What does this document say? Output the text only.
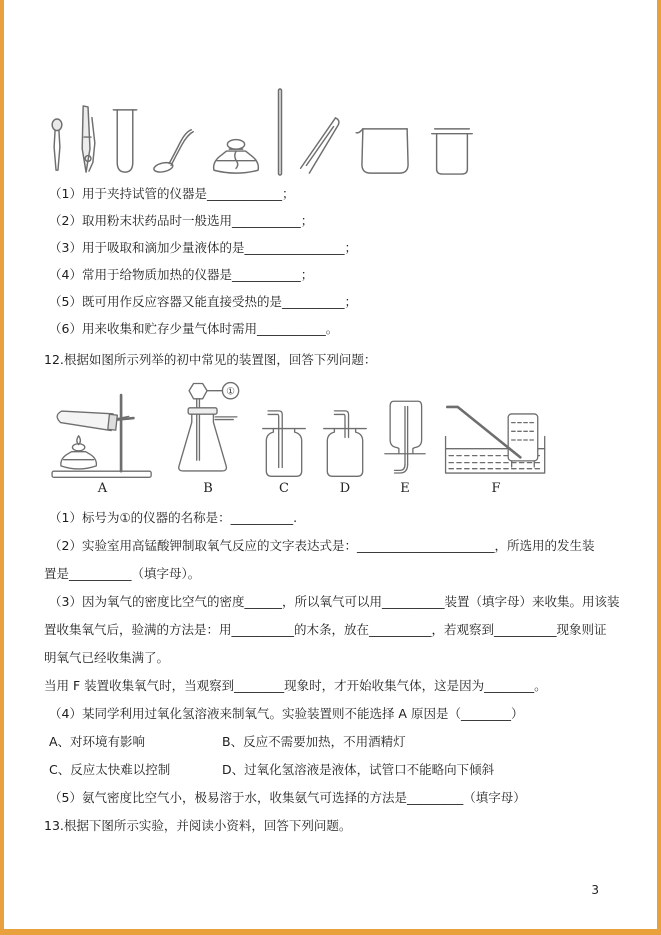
（1）用于夹持试管的仪器是____________；

（2）取用粉末状药品时一般选用___________；

（3）用于吸取和滴加少量液体的是________________；

（4）常用于给物质加热的仪器是___________；

（5）既可用作反应容器又能直接受热的是__________；

（6）用来收集和贮存少量气体时需用___________。

12.根据如图所示列举的初中常见的装置图，回答下列问题：

A
①
B	C	D	E	F

（1）标号为①的仪器的名称是：__________.

（2）实验室用高锰酸钾制取氧气反应的文字表达式是：______________________，所选用的发生装

置是__________（填字母）。

（3）因为氧气的密度比空气的密度______，所以氧气可以用__________装置（填字母）来收集。用该装

置收集氧气后，验满的方法是：用__________的木条，放在__________，若观察到__________现象则证

明氧气已经收集满了。

当用 F 装置收集氧气时，当观察到________现象时，才开始收集气体，这是因为________。

（4）某同学利用过氧化氢溶液来制氧气。实验装置则不能选择 A 原因是（________）

A、对环境有影响	B、反应不需要加热，不用酒精灯
C、反应太快难以控制	D、过氧化氢溶液是液体，试管口不能略向下倾斜

（5）氨气密度比空气小，极易溶于水，收集氨气可选择的方法是_________（填字母）

13.根据下图所示实验，并阅读小资料，回答下列问题。

3
